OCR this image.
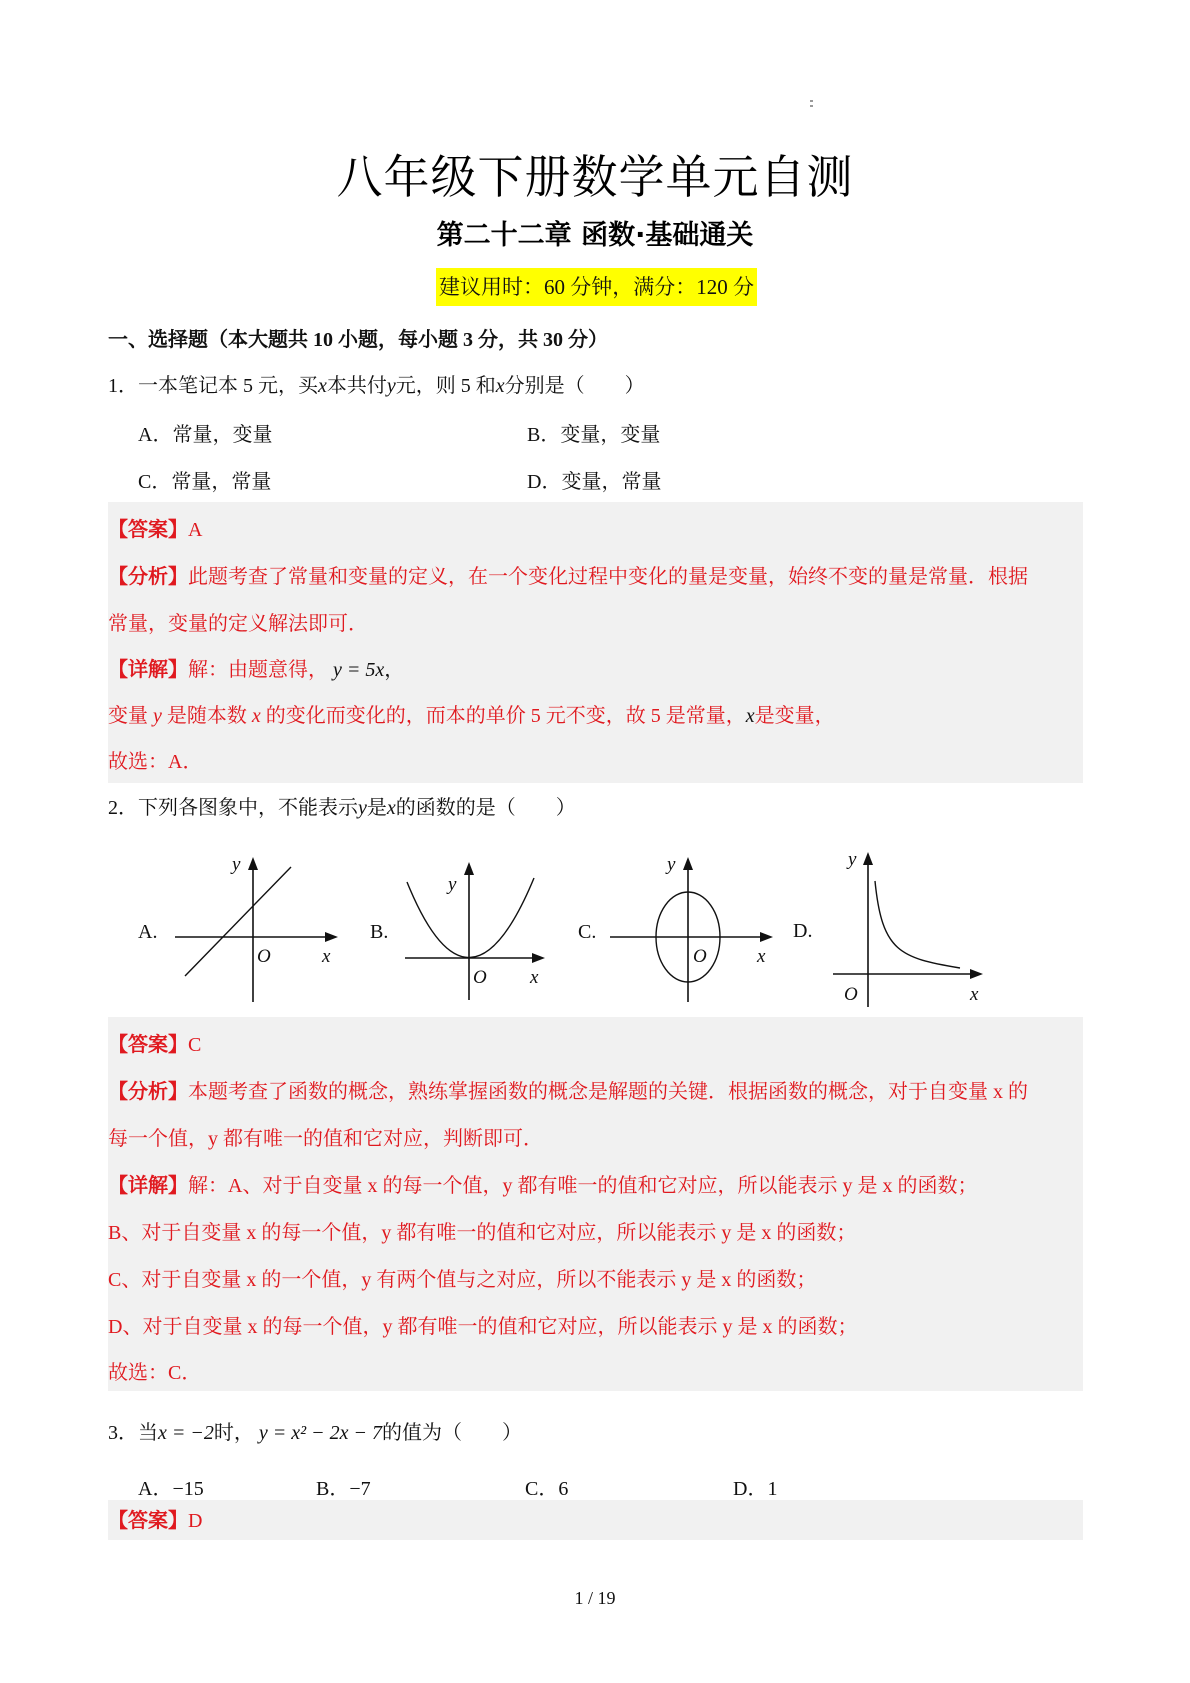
八年级下册数学单元自测
第二十二章 函数·基础通关
建议用时：60 分钟，满分：120 分
一、选择题（本大题共 10 小题，每小题 3 分，共 30 分）
1．一本笔记本 5 元，买x本共付y元，则 5 和x分别是（　　）
A．常量，变量	B．变量，变量
C．常量，常量	D．变量，常量
【答案】A
【分析】此题考查了常量和变量的定义，在一个变化过程中变化的量是变量，始终不变的量是常量．根据
常量，变量的定义解法即可．
【详解】解：由题意得， y = 5x，
变量 y 是随本数 x 的变化而变化的，而本的单价 5 元不变，故 5 是常量，x是变量，
故选：A．
2．下列各图象中，不能表示y是x的函数的是（　　）
A.
y
O	x
B.
y
O x
C.
y
O	x
D.
y
O	x
【答案】C
【分析】本题考查了函数的概念，熟练掌握函数的概念是解题的关键．根据函数的概念，对于自变量 x 的
每一个值，y 都有唯一的值和它对应，判断即可．
【详解】解：A、对于自变量 x 的每一个值，y 都有唯一的值和它对应，所以能表示 y 是 x 的函数；
B、对于自变量 x 的每一个值，y 都有唯一的值和它对应，所以能表示 y 是 x 的函数；
C、对于自变量 x 的一个值，y 有两个值与之对应，所以不能表示 y 是 x 的函数；
D、对于自变量 x 的每一个值，y 都有唯一的值和它对应，所以能表示 y 是 x 的函数；
故选：C．
3．当x = −2时， y = x² − 2x − 7的值为（　　）
A．−15	B．−7	C．6	D．1
【答案】D
1 / 19
